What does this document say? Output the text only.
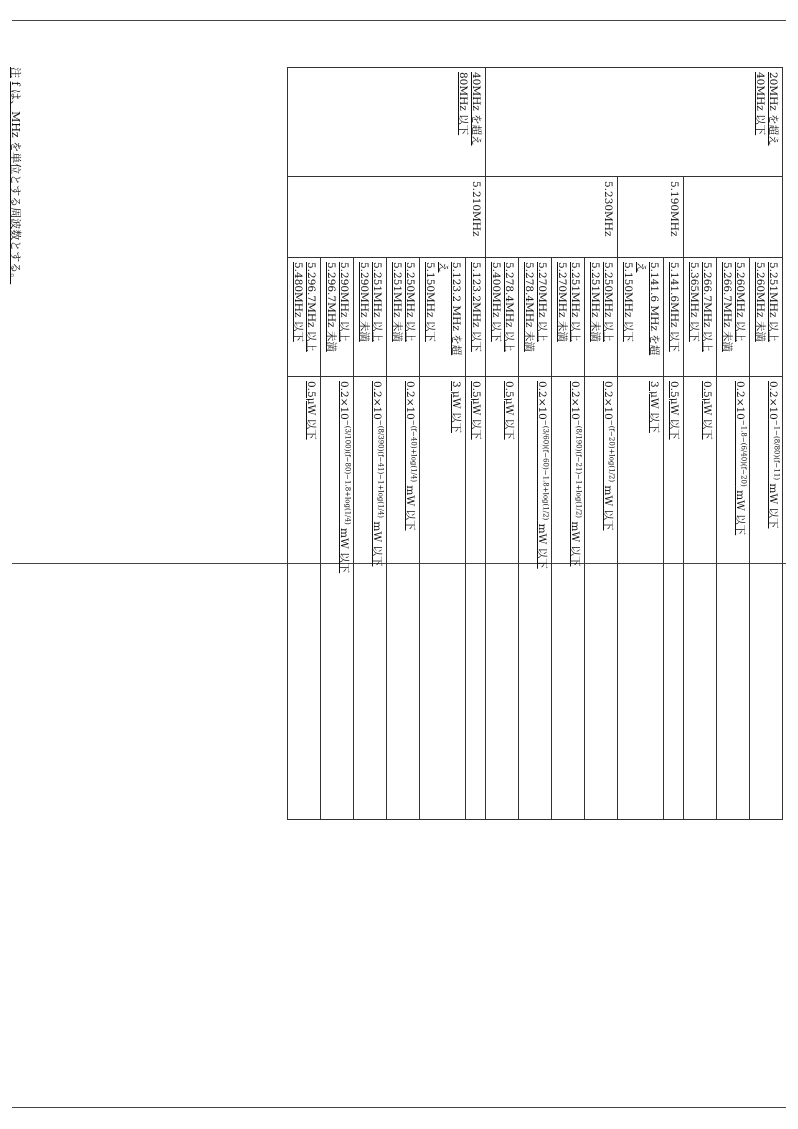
注 f は、MHz を単位とする周波数とする。	20MHz を超え
40MHz 以下		5.251MHz 以上
5.260MHz 未満	$0.2\times 10^{-1-(8/80)(f-11)}$ mW 以下

		5.260MHz 以上
5.266.7MHz 未満	$0.2\times 10^{-1.8-(6/40)(f-20)}$ mW 以下

		5.266.7MHz 以上
5.365MHz 以下	0.5μW 以下

	5.190MHz	5.141.6MHz 以下	0.5μW 以下

		5.141.6 MHz を超
え
5.150MHz 以下	3 μW 以下

	5.230MHz	5.250MHz 以上
5.251MHz 未満	$0.2\times 10^{-(f-20)+log(1/2)}$ mW 以下

		5.251MHz 以上
5.270MHz 未満	$0.2\times 10^{-(8/190)(f-21)-1+log(1/2)}$ mW 以下

		5.270MHz 以上
5.278.4MHz 未満	$0.2\times 10^{-(3/60)(f-60)-1.8+log(1/2)}$ mW 以下

		5.278.4MHz 以上
5.400MHz 以下	0.5μW 以下

40MHz を超え
80MHz 以下	5.210MHz	5.123.2MHz 以下	0.5μW 以下

		5.123.2 MHz を超
え
5.150MHz 以下	3 μW 以下

		5.250MHz 以上
5.251MHz 未満	$0.2\times 10^{-(f-40)+log(1/4)}$ mW 以下

		5.251MHz 以上
5.290MHz 未満	$0.2\times 10^{-(8/390)(f-41)-1+log(1/4)}$ mW 以下

		5.290MHz 以上
5.296.7MHz 未満	$0.2\times 10^{-(3/100)(f-80)-1.8+log(1/4)}$ mW 以下

		5.296.7MHz 以上
5.480MHz 以下	0.5μW 以下
